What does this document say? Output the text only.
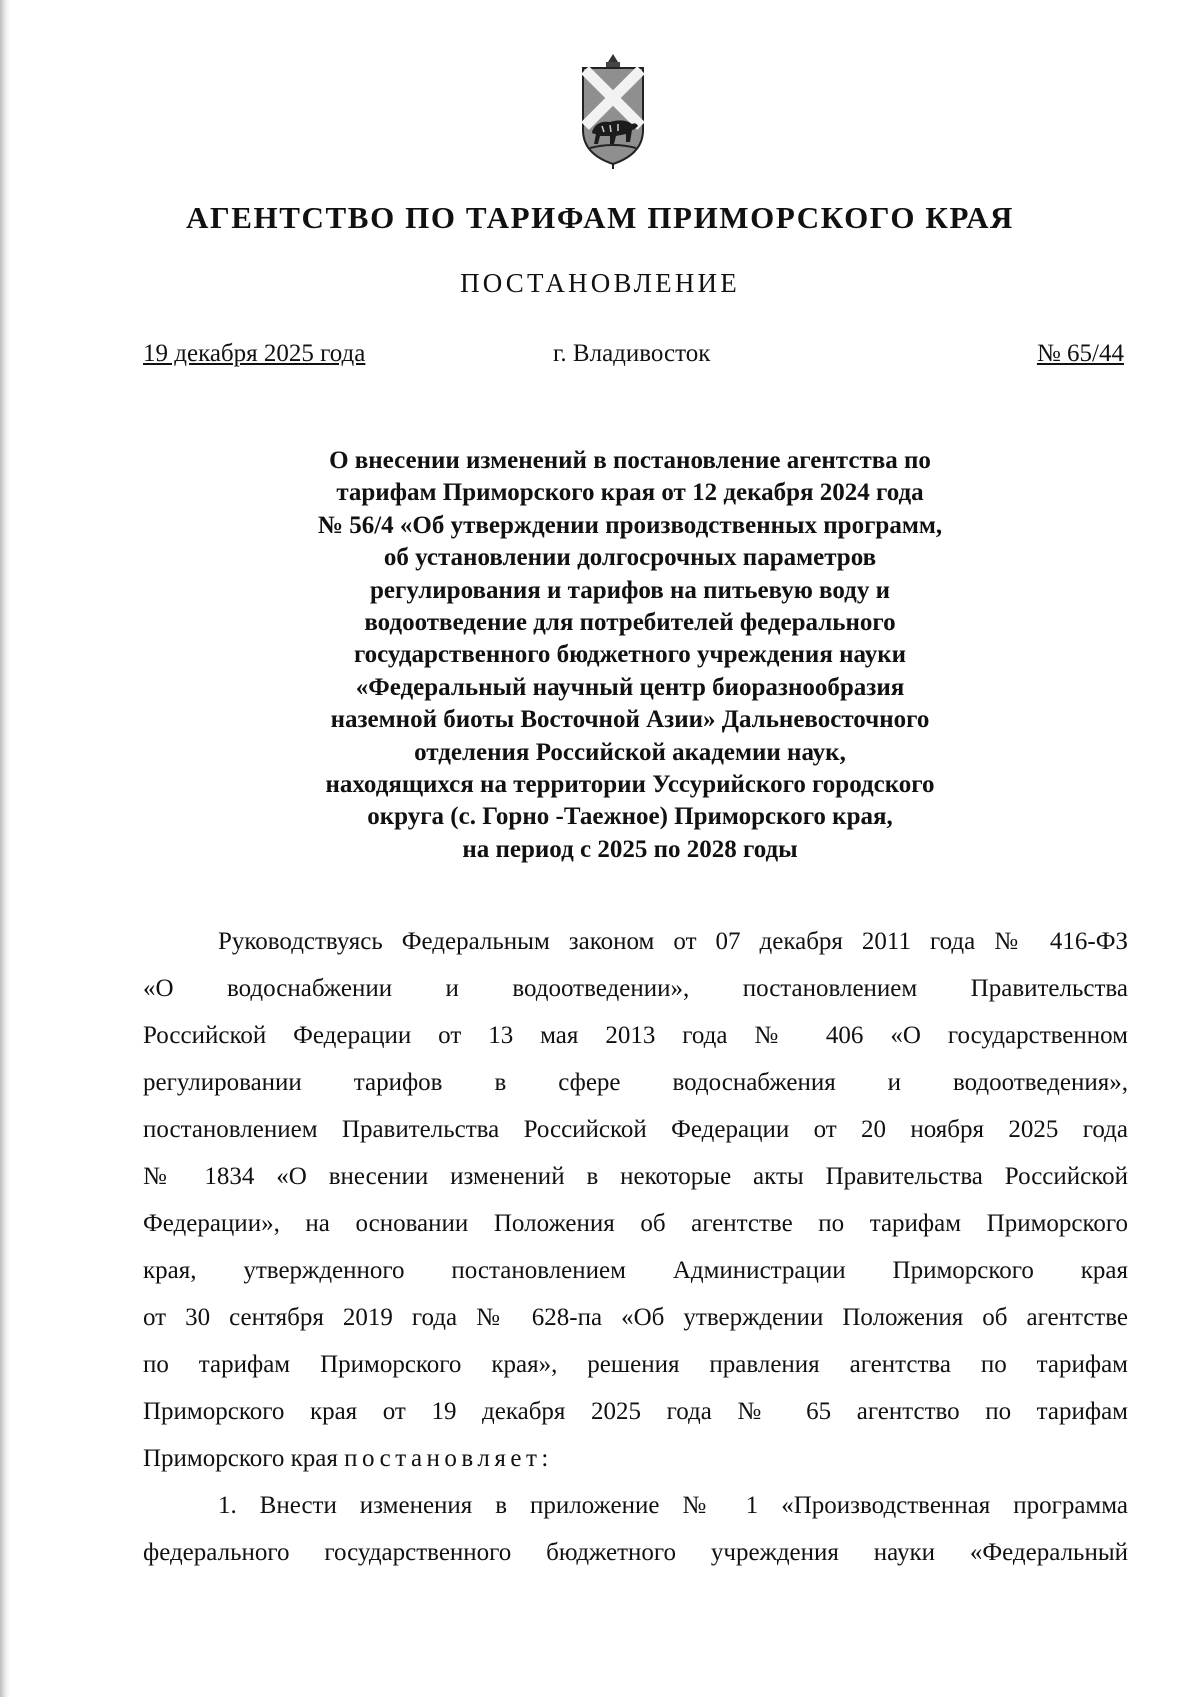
АГЕНТСТВО ПО ТАРИФАМ ПРИМОРСКОГО КРАЯ
ПОСТАНОВЛЕНИЕ
19 декабря 2025 года	г. Владивосток	№ 65/44
О внесении изменений в постановление агентства по
тарифам Приморского края от 12 декабря 2024 года
№ 56/4 «Об утверждении производственных программ,
об установлении долгосрочных параметров
регулирования и тарифов на питьевую воду и
водоотведение для потребителей федерального
государственного бюджетного учреждения науки
«Федеральный научный центр биоразнообразия
наземной биоты Восточной Азии» Дальневосточного
отделения Российской академии наук,
находящихся на территории Уссурийского городского
округа (с. Горно -Таежное) Приморского края,
на период с 2025 по 2028 годы
Руководствуясь Федеральным законом от 07 декабря 2011 года № 416-ФЗ
«О водоснабжении и водоотведении», постановлением Правительства
Российской Федерации от 13 мая 2013 года № 406 «О государственном
регулировании тарифов в сфере водоснабжения и водоотведения»,
постановлением Правительства Российской Федерации от 20 ноября 2025 года
№ 1834 «О внесении изменений в некоторые акты Правительства Российской
Федерации», на основании Положения об агентстве по тарифам Приморского
края, утвержденного постановлением Администрации Приморского края
от 30 сентября 2019 года № 628-па «Об утверждении Положения об агентстве
по тарифам Приморского края», решения правления агентства по тарифам
Приморского края от 19 декабря 2025 года № 65 агентство по тарифам
Приморского края постановляет:
1. Внести изменения в приложение № 1 «Производственная программа
федерального государственного бюджетного учреждения науки «Федеральный
